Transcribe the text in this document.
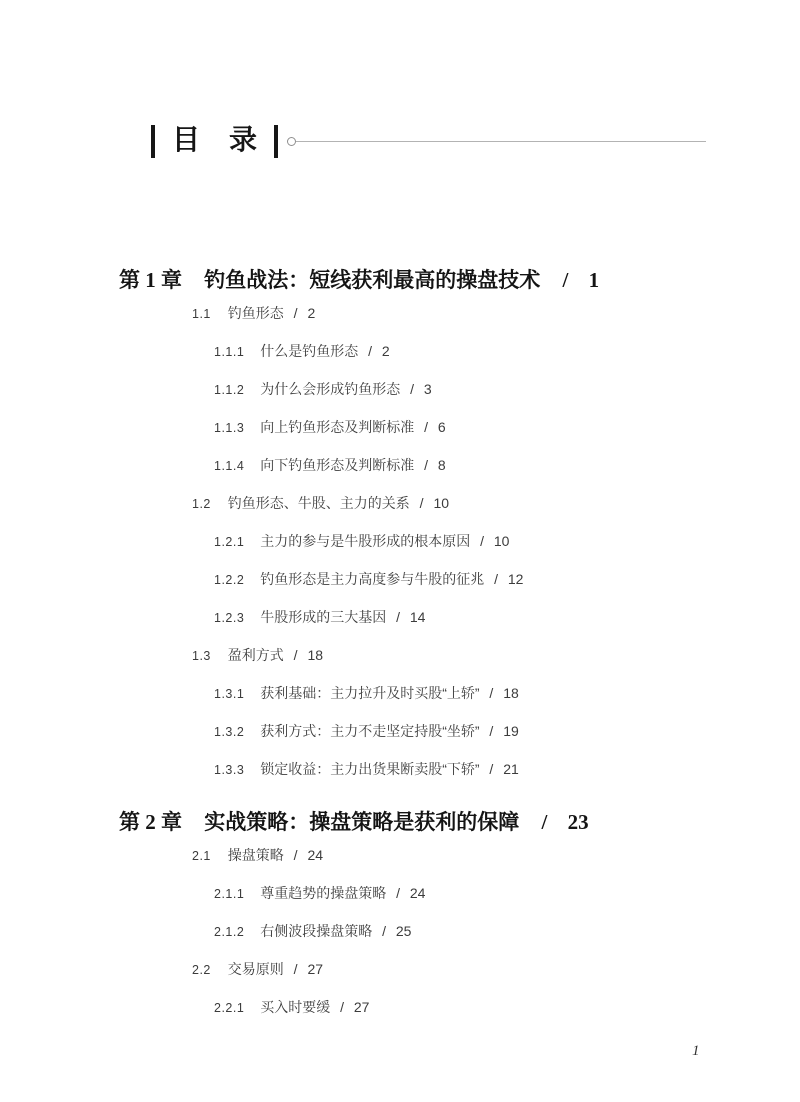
目 录
第 1 章 钓鱼战法：短线获利最高的操盘技术 / 1
1.1 钓鱼形态 / 2
1.1.1 什么是钓鱼形态 / 2
1.1.2 为什么会形成钓鱼形态 / 3
1.1.3 向上钓鱼形态及判断标准 / 6
1.1.4 向下钓鱼形态及判断标准 / 8
1.2 钓鱼形态、牛股、主力的关系 / 10
1.2.1 主力的参与是牛股形成的根本原因 / 10
1.2.2 钓鱼形态是主力高度参与牛股的征兆 / 12
1.2.3 牛股形成的三大基因 / 14
1.3 盈利方式 / 18
1.3.1 获利基础：主力拉升及时买股“上轿” / 18
1.3.2 获利方式：主力不走坚定持股“坐轿” / 19
1.3.3 锁定收益：主力出货果断卖股“下轿” / 21
第 2 章 实战策略：操盘策略是获利的保障 / 23
2.1 操盘策略 / 24
2.1.1 尊重趋势的操盘策略 / 24
2.1.2 右侧波段操盘策略 / 25
2.2 交易原则 / 27
2.2.1 买入时要缓 / 27
1
